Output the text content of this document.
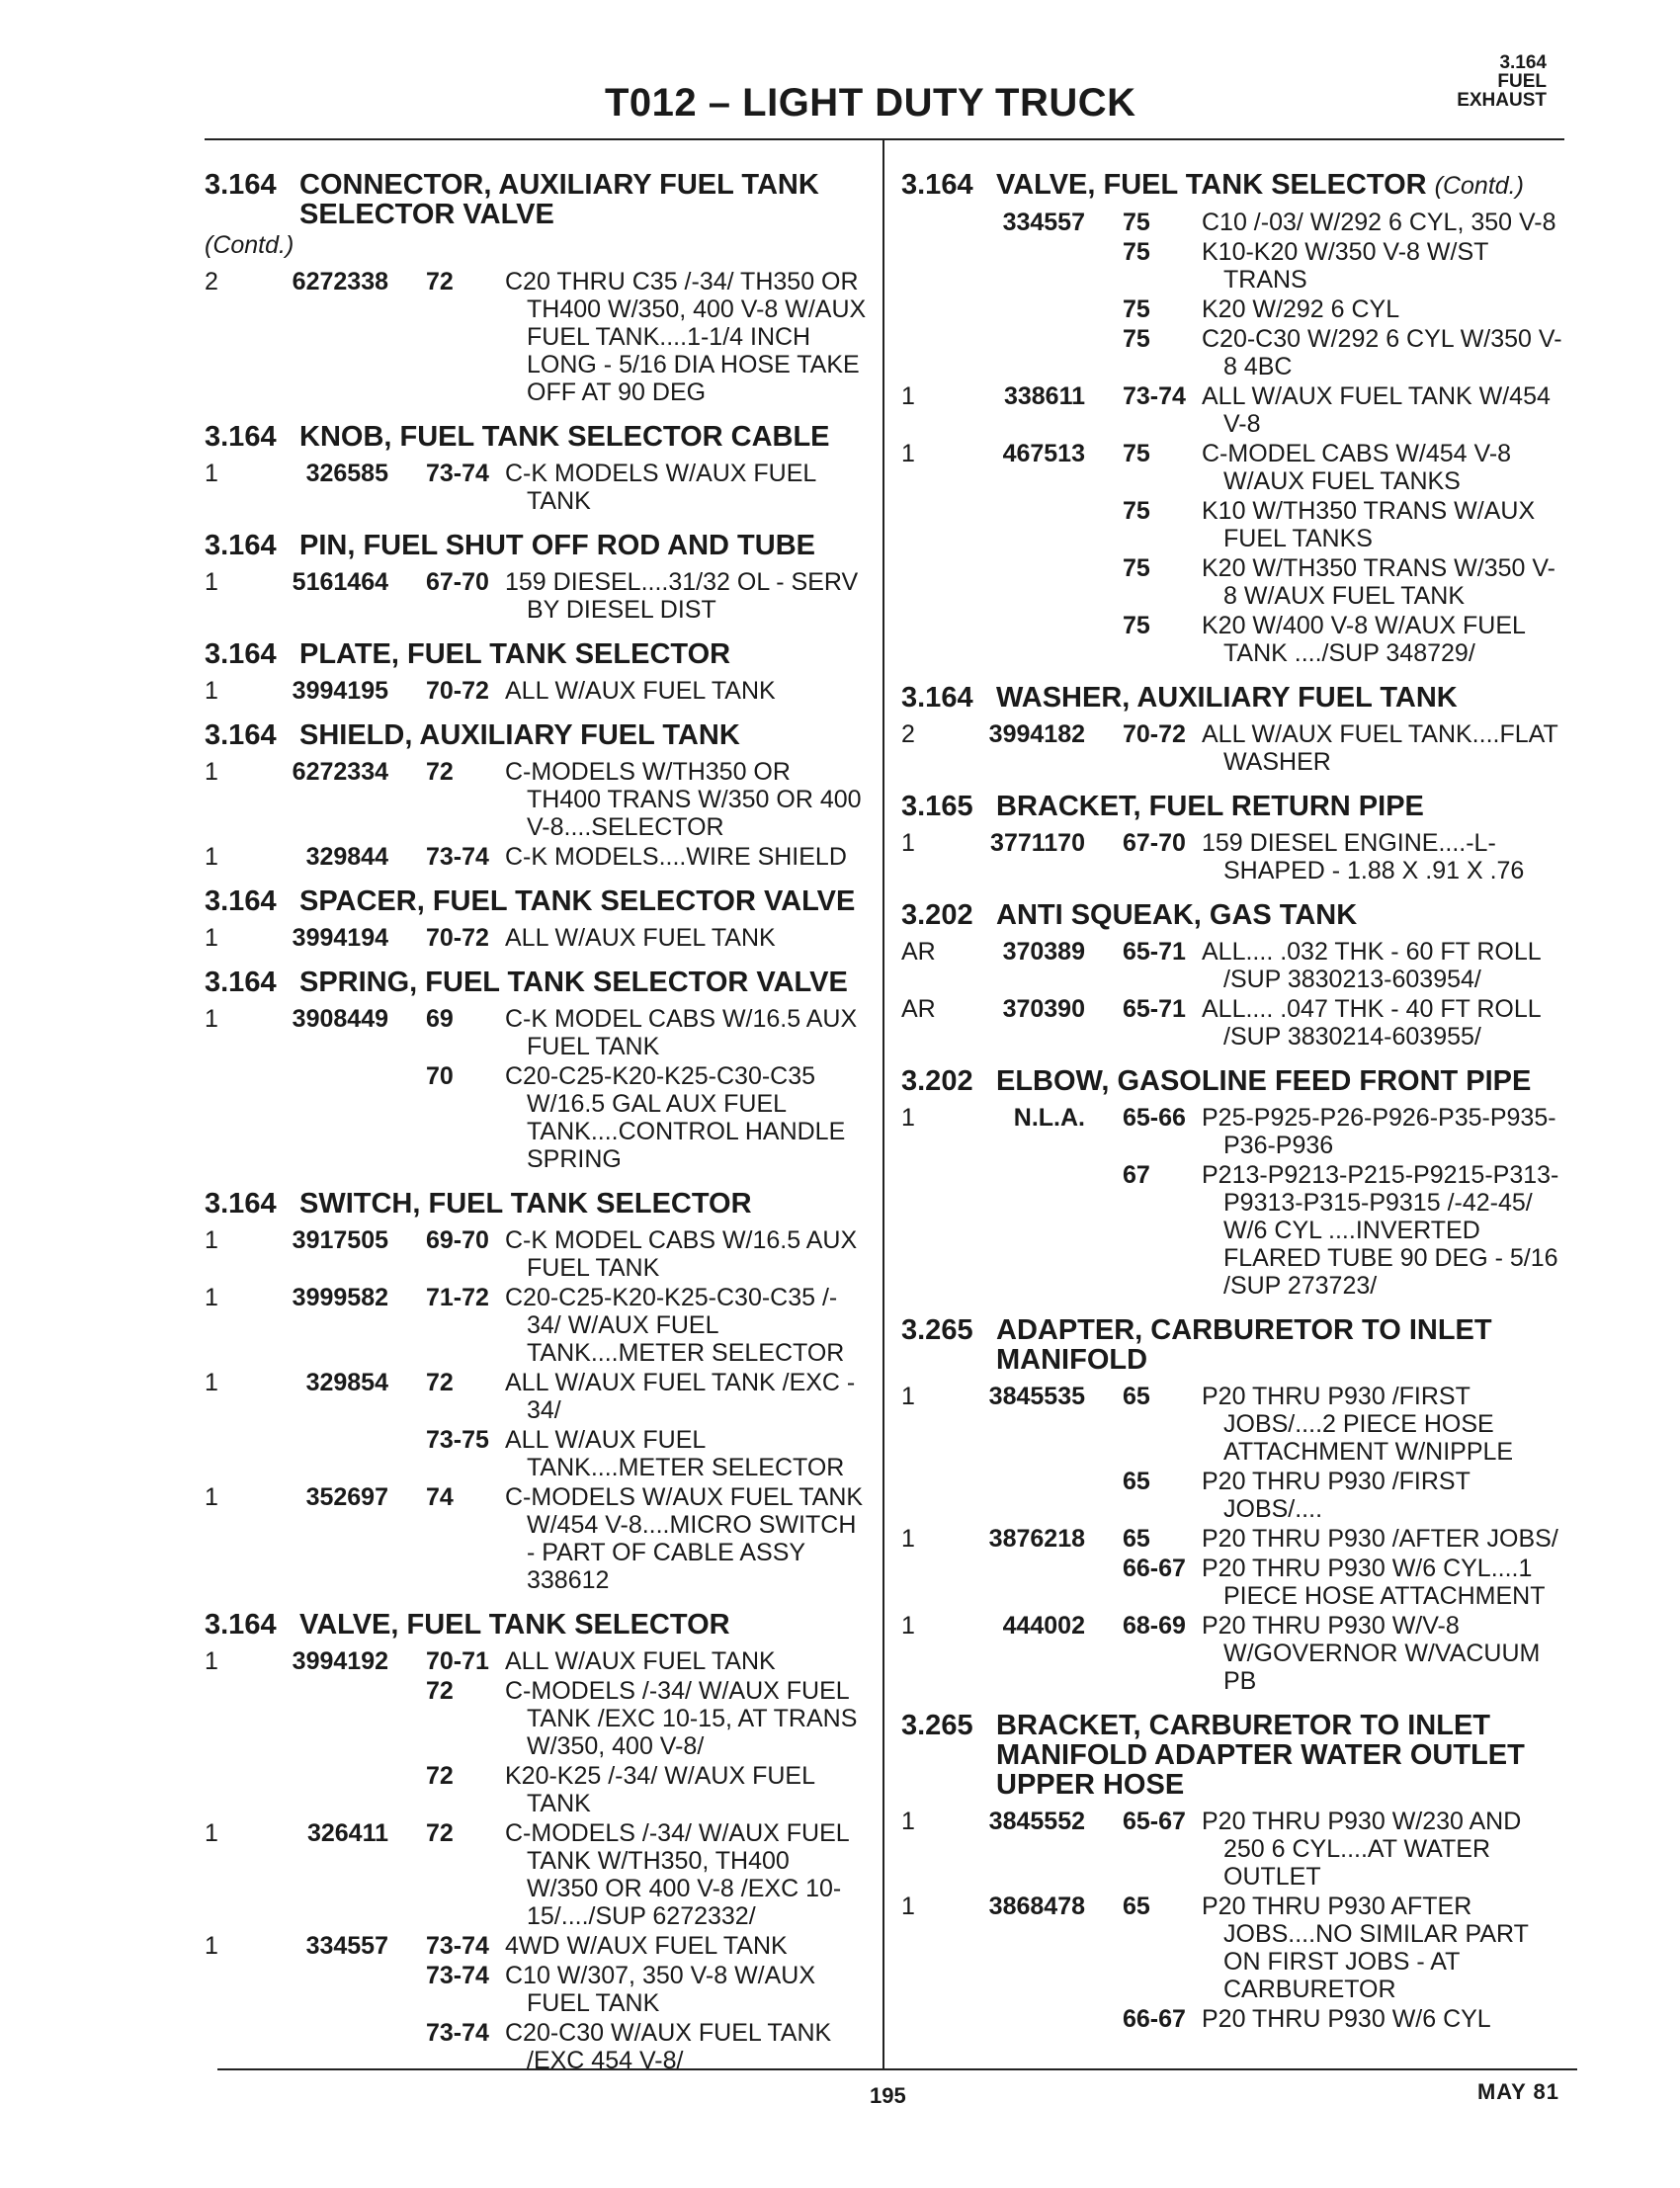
3.164
FUEL
EXHAUST
T012 – LIGHT DUTY TRUCK
3.164 CONNECTOR, AUXILIARY FUEL TANK
SELECTOR VALVE
(Contd.)
2	6272338	72	C20 THRU C35 /-34/ TH350 OR
TH400 W/350, 400 V-8 W/AUX
FUEL TANK....1-1/4 INCH
LONG - 5/16 DIA HOSE TAKE
OFF AT 90 DEG
3.164 KNOB, FUEL TANK SELECTOR CABLE
1	326585	73-74 C-K MODELS W/AUX FUEL
TANK
3.164 PIN, FUEL SHUT OFF ROD AND TUBE
1	5161464	67-70 159 DIESEL....31/32 OL - SERV
BY DIESEL DIST
3.164 PLATE, FUEL TANK SELECTOR
1	3994195	70-72 ALL W/AUX FUEL TANK
3.164 SHIELD, AUXILIARY FUEL TANK
1	6272334	72	C-MODELS W/TH350 OR
TH400 TRANS W/350 OR 400
V-8....SELECTOR
1	329844	73-74 C-K MODELS....WIRE SHIELD
3.164 SPACER, FUEL TANK SELECTOR VALVE
1	3994194	70-72 ALL W/AUX FUEL TANK
3.164 SPRING, FUEL TANK SELECTOR VALVE
1	3908449	69	C-K MODEL CABS W/16.5 AUX
FUEL TANK
70	C20-C25-K20-K25-C30-C35
W/16.5 GAL AUX FUEL
TANK....CONTROL HANDLE
SPRING
3.164 SWITCH, FUEL TANK SELECTOR
1	3917505	69-70 C-K MODEL CABS W/16.5 AUX
FUEL TANK
1	3999582	71-72 C20-C25-K20-K25-C30-C35 /-
34/ W/AUX FUEL
TANK....METER SELECTOR
1	329854	72	ALL W/AUX FUEL TANK /EXC -
34/
73-75 ALL W/AUX FUEL
TANK....METER SELECTOR
1	352697	74	C-MODELS W/AUX FUEL TANK
W/454 V-8....MICRO SWITCH
- PART OF CABLE ASSY
338612
3.164 VALVE, FUEL TANK SELECTOR
1	3994192	70-71 ALL W/AUX FUEL TANK
72	C-MODELS /-34/ W/AUX FUEL
TANK /EXC 10-15, AT TRANS
W/350, 400 V-8/
72	K20-K25 /-34/ W/AUX FUEL
TANK
1	326411	72	C-MODELS /-34/ W/AUX FUEL
TANK W/TH350, TH400
W/350 OR 400 V-8 /EXC 10-
15/..../SUP 6272332/
1	334557	73-74 4WD W/AUX FUEL TANK
73-74 C10 W/307, 350 V-8 W/AUX
FUEL TANK
73-74 C20-C30 W/AUX FUEL TANK
/EXC 454 V-8/
3.164 VALVE, FUEL TANK SELECTOR (Contd.)
334557	75	C10 /-03/ W/292 6 CYL, 350 V-8
75	K10-K20 W/350 V-8 W/ST
TRANS
75	K20 W/292 6 CYL
75	C20-C30 W/292 6 CYL W/350 V-
8 4BC
1	338611	73-74 ALL W/AUX FUEL TANK W/454
V-8
1	467513	75	C-MODEL CABS W/454 V-8
W/AUX FUEL TANKS
75	K10 W/TH350 TRANS W/AUX
FUEL TANKS
75	K20 W/TH350 TRANS W/350 V-
8 W/AUX FUEL TANK
75	K20 W/400 V-8 W/AUX FUEL
TANK ..../SUP 348729/
3.164 WASHER, AUXILIARY FUEL TANK
2	3994182	70-72 ALL W/AUX FUEL TANK....FLAT
WASHER
3.165 BRACKET, FUEL RETURN PIPE
1	3771170	67-70 159 DIESEL ENGINE....-L-
SHAPED - 1.88 X .91 X .76
3.202 ANTI SQUEAK, GAS TANK
AR	370389	65-71 ALL.... .032 THK - 60 FT ROLL
/SUP 3830213-603954/
AR	370390	65-71 ALL.... .047 THK - 40 FT ROLL
/SUP 3830214-603955/
3.202 ELBOW, GASOLINE FEED FRONT PIPE
1	N.L.A.	65-66 P25-P925-P26-P926-P35-P935-
P36-P936
67	P213-P9213-P215-P9215-P313-
P9313-P315-P9315 /-42-45/
W/6 CYL ....INVERTED
FLARED TUBE 90 DEG - 5/16
/SUP 273723/
3.265 ADAPTER, CARBURETOR TO INLET
MANIFOLD
1	3845535	65	P20 THRU P930 /FIRST
JOBS/....2 PIECE HOSE
ATTACHMENT W/NIPPLE
65	P20 THRU P930 /FIRST
JOBS/....
1	3876218	65	P20 THRU P930 /AFTER JOBS/
66-67 P20 THRU P930 W/6 CYL....1
PIECE HOSE ATTACHMENT
1	444002	68-69 P20 THRU P930 W/V-8
W/GOVERNOR W/VACUUM
PB
3.265 BRACKET, CARBURETOR TO INLET
MANIFOLD ADAPTER WATER OUTLET
UPPER HOSE
1	3845552	65-67 P20 THRU P930 W/230 AND
250 6 CYL....AT WATER
OUTLET
1	3868478	65	P20 THRU P930 AFTER
JOBS....NO SIMILAR PART
ON FIRST JOBS - AT
CARBURETOR
66-67 P20 THRU P930 W/6 CYL
195	MAY 81
